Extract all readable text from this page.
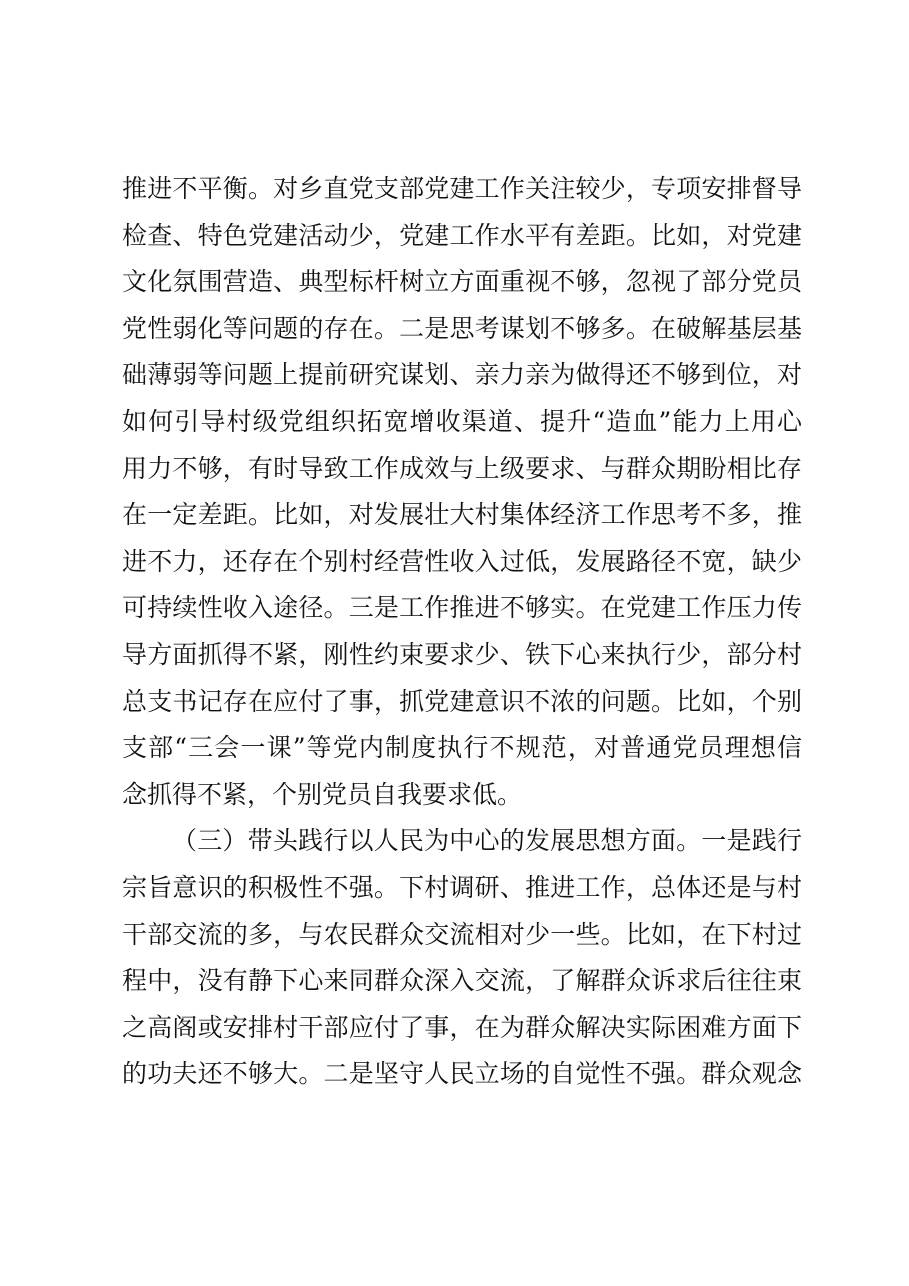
推进不平衡。对乡直党支部党建工作关注较少，专项安排督导
检查、特色党建活动少，党建工作水平有差距。比如，对党建
文化氛围营造、典型标杆树立方面重视不够，忽视了部分党员
党性弱化等问题的存在。二是思考谋划不够多。在破解基层基
础薄弱等问题上提前研究谋划、亲力亲为做得还不够到位，对
如何引导村级党组织拓宽增收渠道、提升“造血”能力上用心
用力不够，有时导致工作成效与上级要求、与群众期盼相比存
在一定差距。比如，对发展壮大村集体经济工作思考不多，推
进不力，还存在个别村经营性收入过低，发展路径不宽，缺少
可持续性收入途径。三是工作推进不够实。在党建工作压力传
导方面抓得不紧，刚性约束要求少、铁下心来执行少，部分村
总支书记存在应付了事，抓党建意识不浓的问题。比如，个别
支部“三会一课”等党内制度执行不规范，对普通党员理想信
念抓得不紧，个别党员自我要求低。
（三）带头践行以人民为中心的发展思想方面。一是践行
宗旨意识的积极性不强。下村调研、推进工作，总体还是与村
干部交流的多，与农民群众交流相对少一些。比如，在下村过
程中，没有静下心来同群众深入交流，了解群众诉求后往往束
之高阁或安排村干部应付了事，在为群众解决实际困难方面下
的功夫还不够大。二是坚守人民立场的自觉性不强。群众观念
